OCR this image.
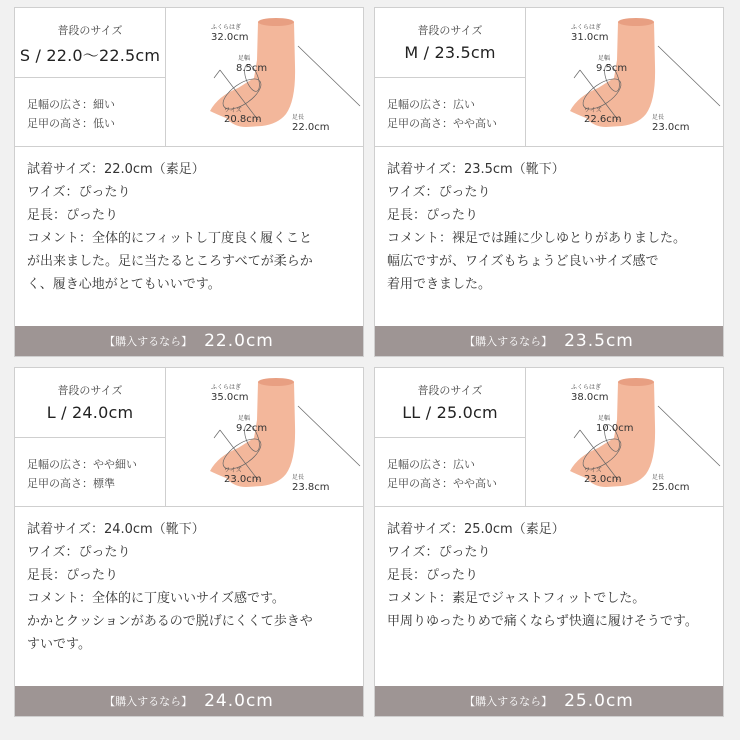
普段のサイズ
S / 22.0〜22.5cm
足幅の広さ：細い
足甲の高さ：低い
ふくらはぎ
32.0cm
足幅
8.5cm
ワイズ
20.8cm	足長
22.0cm
試着サイズ：22.0cm（素足）
ワイズ：ぴったり
足長：ぴったり
コメント：全体的にフィットし丁度良く履くこと
が出来ました。足に当たるところすべてが柔らか
く、履き心地がとてもいいです。
【購入するなら】 22.0cm
普段のサイズ
M / 23.5cm
足幅の広さ：広い
足甲の高さ：やや高い
ふくらはぎ
31.0cm
足幅
9.5cm
ワイズ
22.6cm	足長
23.0cm
試着サイズ：23.5cm（靴下）
ワイズ：ぴったり
足長：ぴったり
コメント：裸足では踵に少しゆとりがありました。
幅広ですが、ワイズもちょうど良いサイズ感で
着用できました。
【購入するなら】 23.5cm
普段のサイズ
L / 24.0cm
足幅の広さ：やや細い
足甲の高さ：標準
ふくらはぎ
35.0cm
足幅
9.2cm
ワイズ
23.0cm	足長
23.8cm
試着サイズ：24.0cm（靴下）
ワイズ：ぴったり
足長：ぴったり
コメント：全体的に丁度いいサイズ感です。
かかとクッションがあるので脱げにくくて歩きや
すいです。
【購入するなら】 24.0cm
普段のサイズ
LL / 25.0cm
足幅の広さ：広い
足甲の高さ：やや高い
ふくらはぎ
38.0cm
足幅
10.0cm
ワイズ
23.0cm	足長
25.0cm
試着サイズ：25.0cm（素足）
ワイズ：ぴったり
足長：ぴったり
コメント：素足でジャストフィットでした。
甲周りゆったりめで痛くならず快適に履けそうです。
【購入するなら】 25.0cm
